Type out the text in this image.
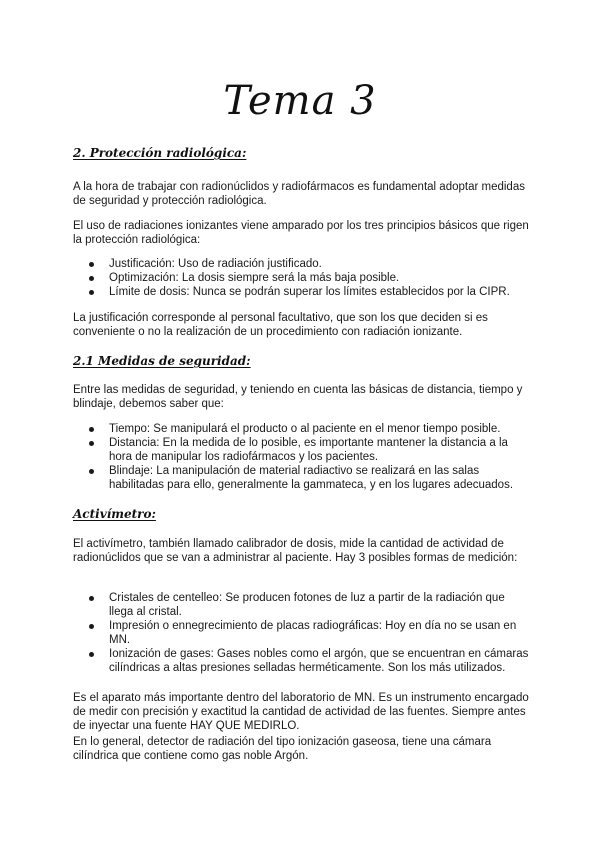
Tema 3
2. Protección radiológica:

A la hora de trabajar con radionúclidos y radiofármacos es fundamental adoptar medidas de seguridad y protección radiológica.

El uso de radiaciones ionizantes viene amparado por los tres principios básicos que rigen la protección radiológica:

Justificación: Uso de radiación justificado.
Optimización: La dosis siempre será la más baja posible.
Límite de dosis: Nunca se podrán superar los límites establecidos por la CIPR.

La justificación corresponde al personal facultativo, que son los que deciden si es conveniente o no la realización de un procedimiento con radiación ionizante.

2.1 Medidas de seguridad:

Entre las medidas de seguridad, y teniendo en cuenta las básicas de distancia, tiempo y blindaje, debemos saber que:

Tiempo: Se manipulará el producto o al paciente en el menor tiempo posible.
Distancia: En la medida de lo posible, es importante mantener la distancia a la hora de manipular los radiofármacos y los pacientes.
Blindaje: La manipulación de material radiactivo se realizará en las salas habilitadas para ello, generalmente la gammateca, y en los lugares adecuados.
Activímetro:

El activímetro, también llamado calibrador de dosis, mide la cantidad de actividad de radionúclidos que se van a administrar al paciente. Hay 3 posibles formas de medición:

Cristales de centelleo: Se producen fotones de luz a partir de la radiación que llega al cristal.
Impresión o ennegrecimiento de placas radiográficas: Hoy en día no se usan en MN.
Ionización de gases: Gases nobles como el argón, que se encuentran en cámaras cilíndricas a altas presiones selladas herméticamente. Son los más utilizados.

Es el aparato más importante dentro del laboratorio de MN. Es un instrumento encargado de medir con precisión y exactitud la cantidad de actividad de las fuentes. Siempre antes de inyectar una fuente HAY QUE MEDIRLO.

En lo general, detector de radiación del tipo ionización gaseosa, tiene una cámara cilíndrica que contiene como gas noble Argón.
